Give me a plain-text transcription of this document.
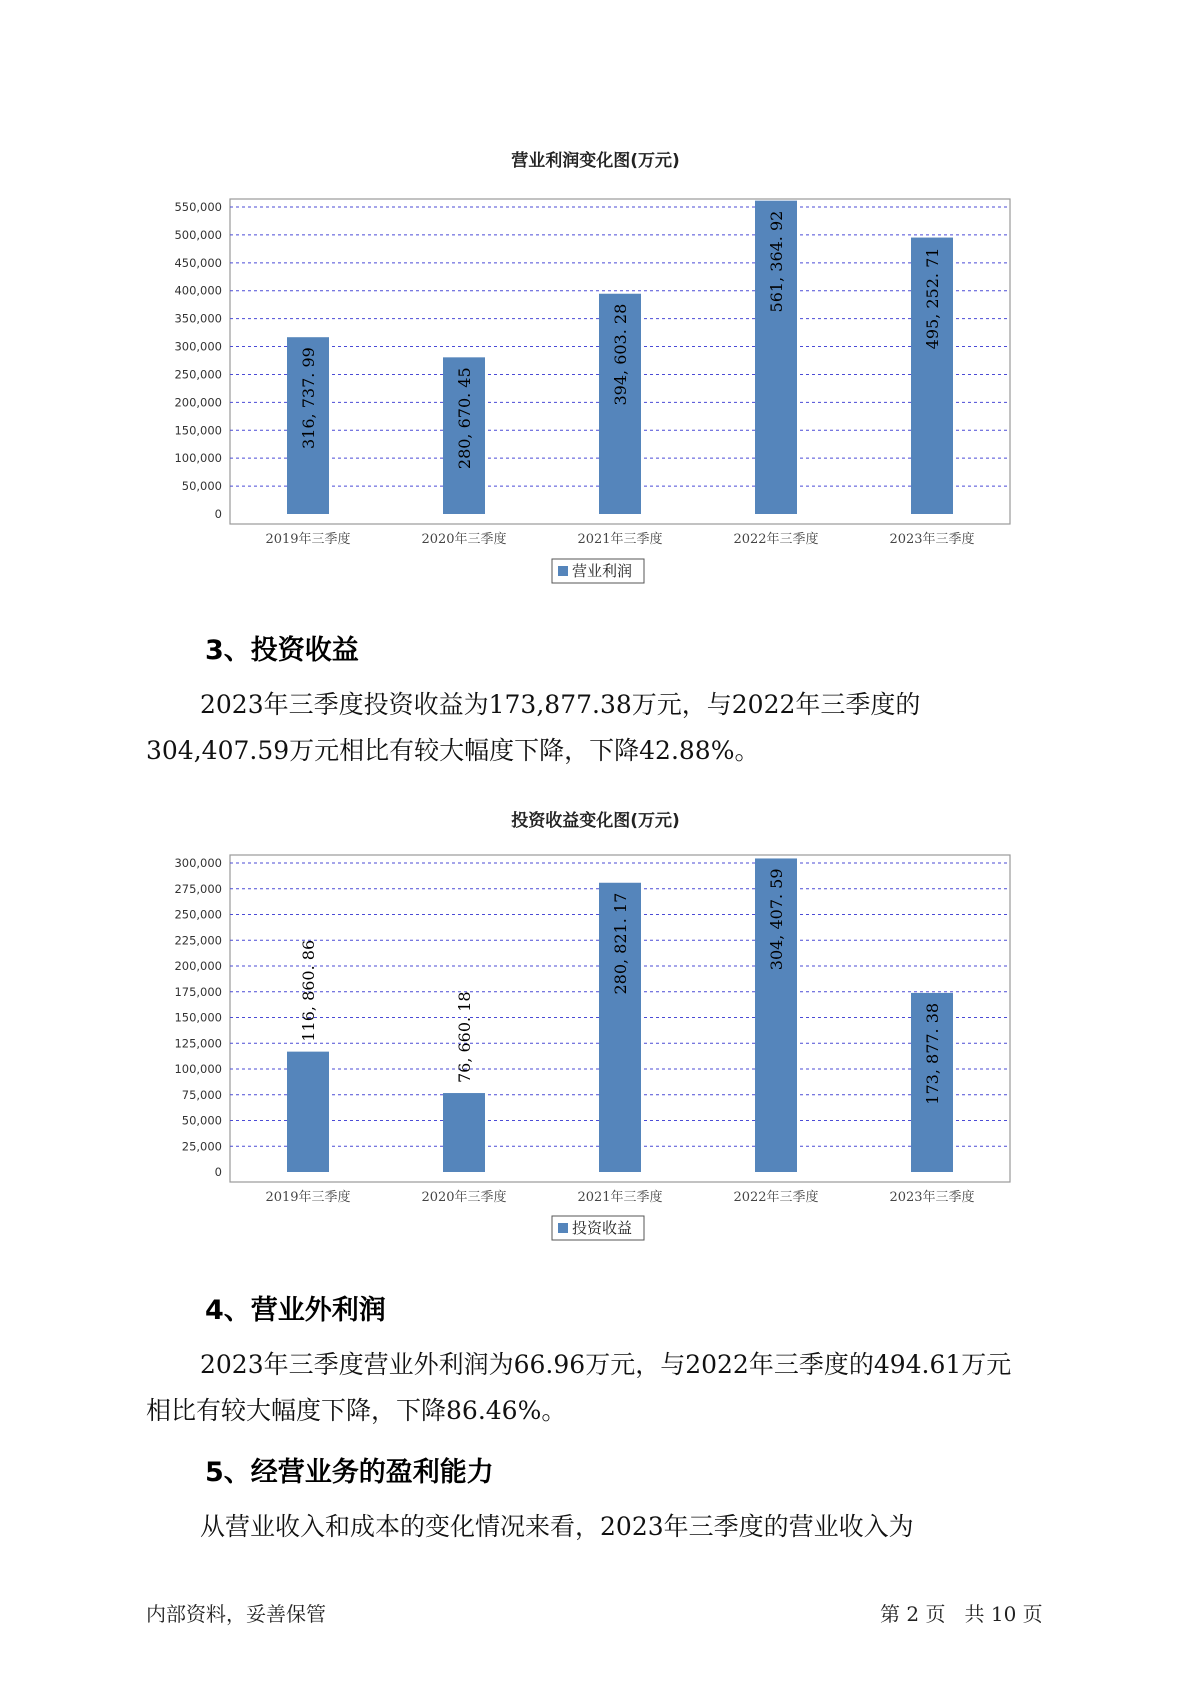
营业利润变化图(万元)
0
50,000
100,000
150,000
200,000
250,000
300,000
350,000
400,000
450,000
500,000
550,000
316, 737. 99
2019年三季度
280, 670. 45
2020年三季度
394, 603. 28
2021年三季度
561, 364. 92
2022年三季度
495, 252. 71
2023年三季度
营业利润
3、投资收益

2023年三季度投资收益为173,877.38万元，与2022年三季度的
304,407.59万元相比有较大幅度下降，下降42.88%。

投资收益变化图(万元)
0
25,000
50,000
75,000
100,000
125,000
150,000
175,000
200,000
225,000
250,000
275,000
300,000
116, 860. 86
2019年三季度
76, 660. 18
2020年三季度
280, 821. 17
2021年三季度
304, 407. 59
2022年三季度
173, 877. 38
2023年三季度
投资收益
4、营业外利润

2023年三季度营业外利润为66.96万元，与2022年三季度的494.61万元
相比有较大幅度下降，下降86.46%。

5、经营业务的盈利能力

从营业收入和成本的变化情况来看，2023年三季度的营业收入为

内部资料，妥善保管	第 2 页   共 10 页
